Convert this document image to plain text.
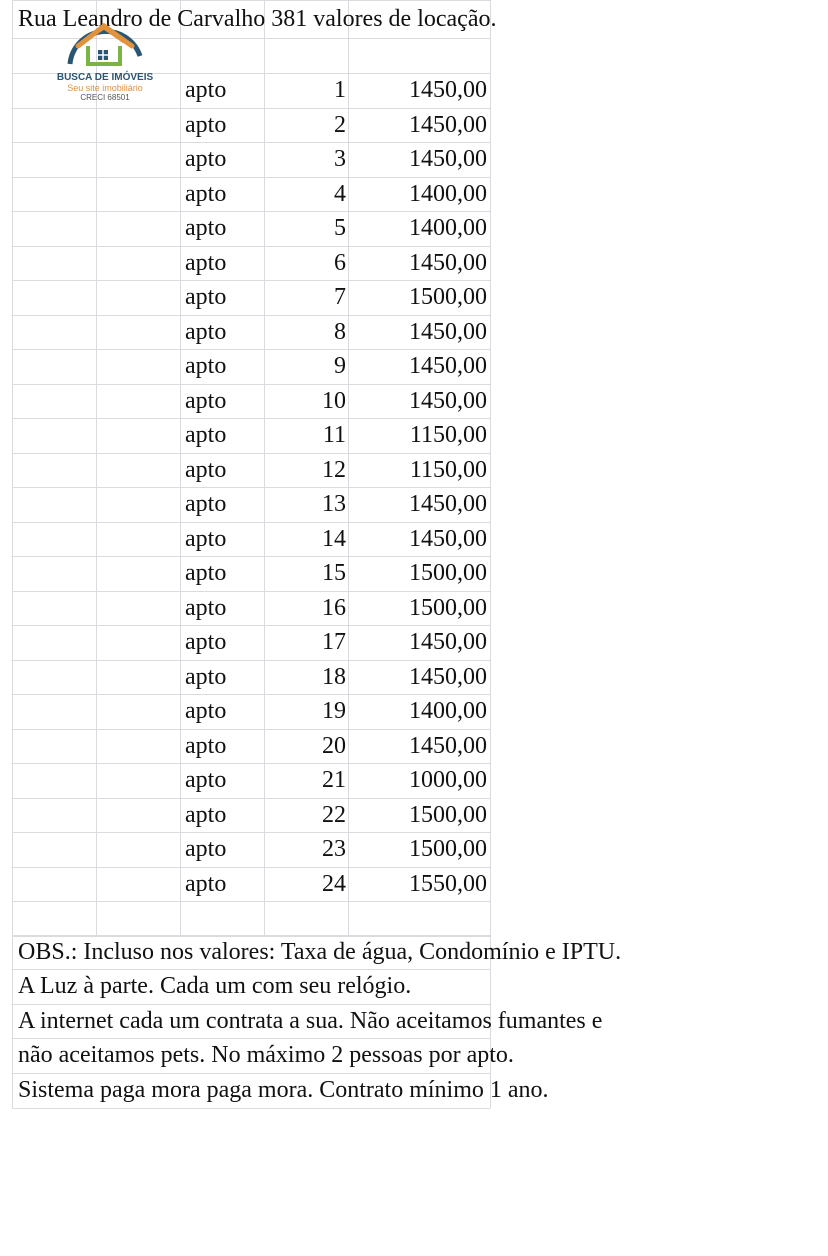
Rua Leandro de Carvalho 381 valores de locação.
BUSCA DE IMÓVEIS
Seu site imobiliário
CRECI 68501	apto	1	1450,00
apto	2	1450,00
apto	3	1450,00
apto	4	1400,00
apto	5	1400,00
apto	6	1450,00
apto	7	1500,00
apto	8	1450,00
apto	9	1450,00
apto	10	1450,00
apto	11	1150,00
apto	12	1150,00
apto	13	1450,00
apto	14	1450,00
apto	15	1500,00
apto	16	1500,00
apto	17	1450,00
apto	18	1450,00
apto	19	1400,00
apto	20	1450,00
apto	21	1000,00
apto	22	1500,00
apto	23	1500,00
apto	24	1550,00
OBS.: Incluso nos valores: Taxa de água, Condomínio e IPTU.
A Luz à parte. Cada um com seu relógio.
A internet cada um contrata a sua. Não aceitamos fumantes e
não aceitamos pets. No máximo 2 pessoas por apto.
Sistema paga mora paga mora. Contrato mínimo 1 ano.
